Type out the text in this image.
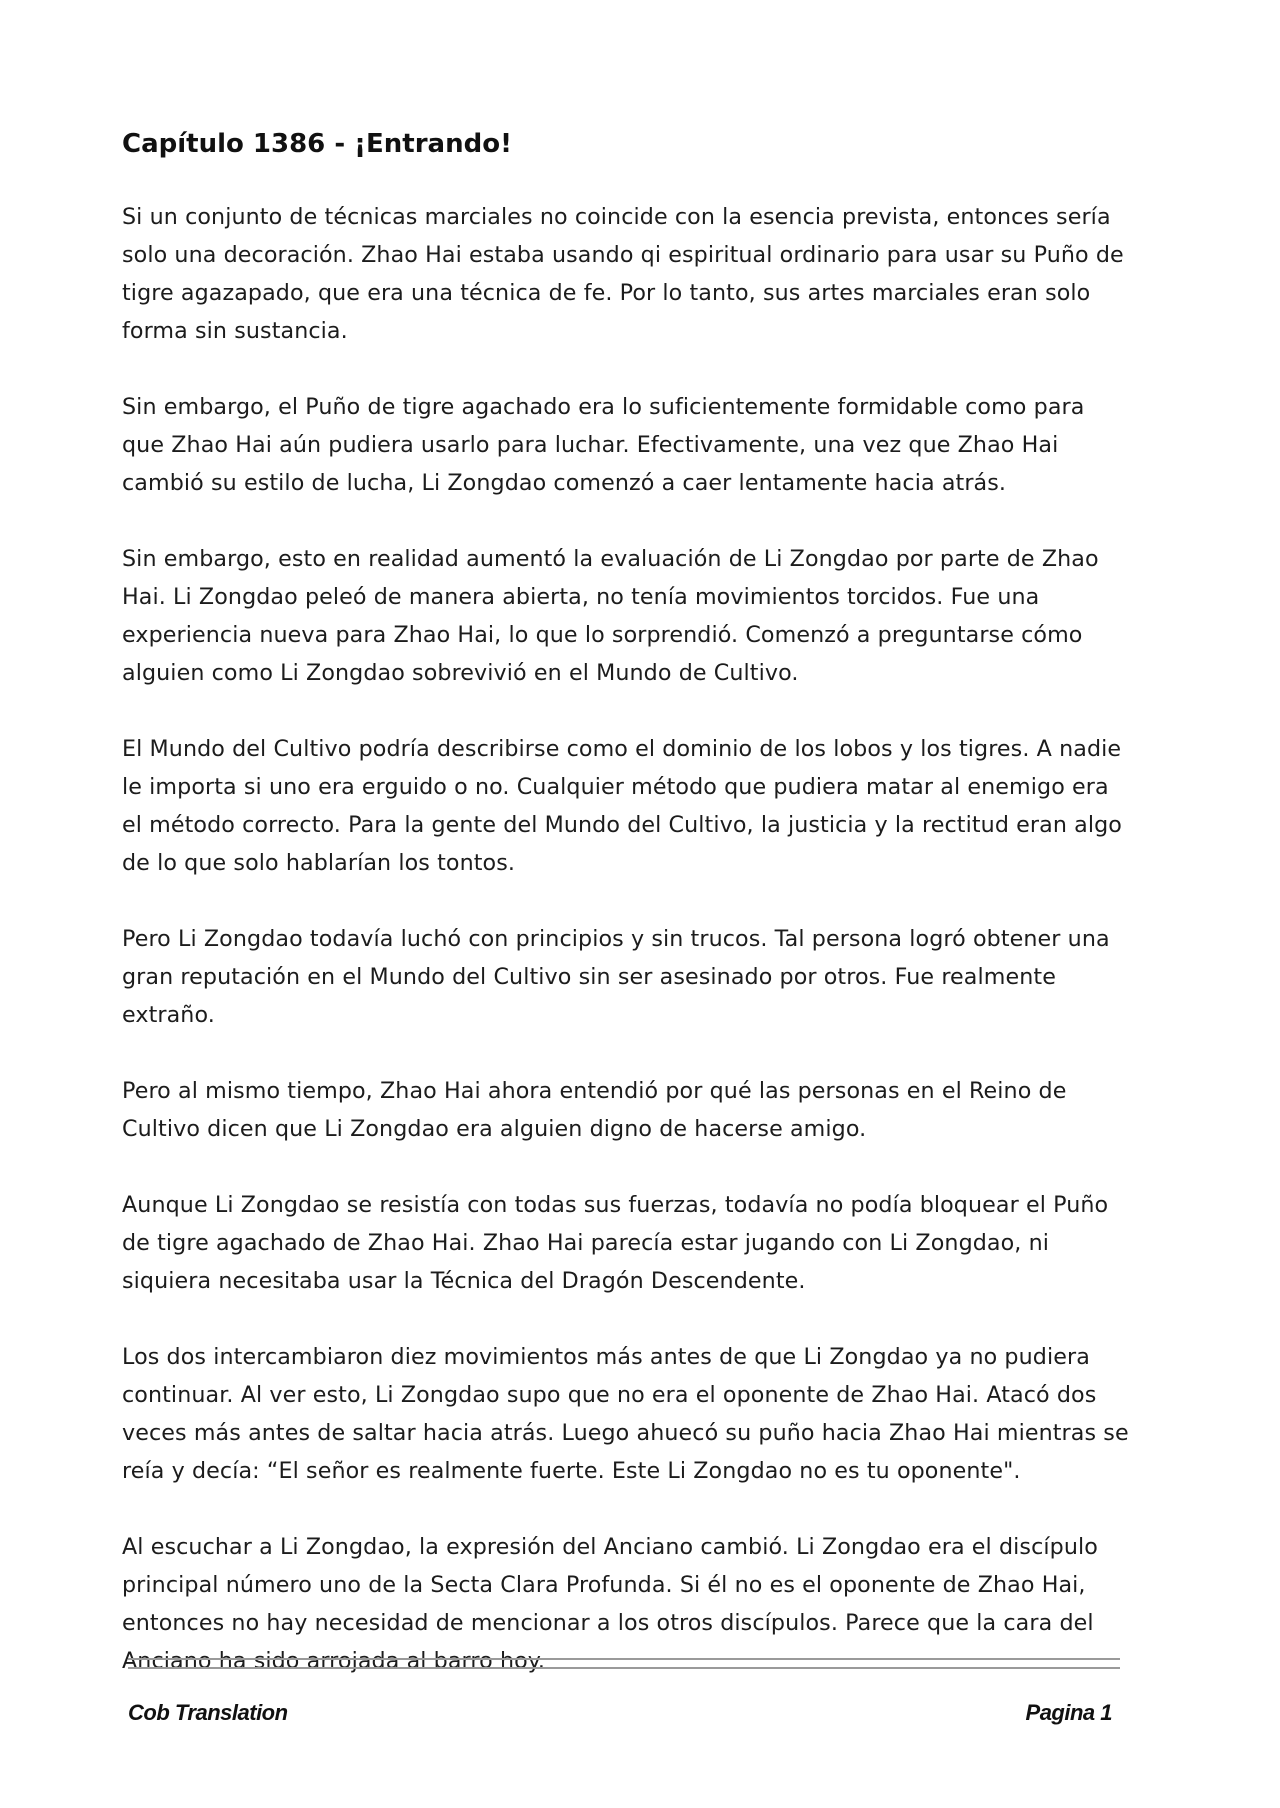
Capítulo 1386 - ¡Entrando!

Si un conjunto de técnicas marciales no coincide con la esencia prevista, entonces sería solo una decoración. Zhao Hai estaba usando qi espiritual ordinario para usar su Puño de tigre agazapado, que era una técnica de fe. Por lo tanto, sus artes marciales eran solo forma sin sustancia.

Sin embargo, el Puño de tigre agachado era lo suficientemente formidable como para que Zhao Hai aún pudiera usarlo para luchar. Efectivamente, una vez que Zhao Hai cambió su estilo de lucha, Li Zongdao comenzó a caer lentamente hacia atrás.

Sin embargo, esto en realidad aumentó la evaluación de Li Zongdao por parte de Zhao Hai. Li Zongdao peleó de manera abierta, no tenía movimientos torcidos. Fue una experiencia nueva para Zhao Hai, lo que lo sorprendió. Comenzó a preguntarse cómo alguien como Li Zongdao sobrevivió en el Mundo de Cultivo.

El Mundo del Cultivo podría describirse como el dominio de los lobos y los tigres. A nadie le importa si uno era erguido o no. Cualquier método que pudiera matar al enemigo era el método correcto. Para la gente del Mundo del Cultivo, la justicia y la rectitud eran algo de lo que solo hablarían los tontos.

Pero Li Zongdao todavía luchó con principios y sin trucos. Tal persona logró obtener una gran reputación en el Mundo del Cultivo sin ser asesinado por otros. Fue realmente extraño.

Pero al mismo tiempo, Zhao Hai ahora entendió por qué las personas en el Reino de Cultivo dicen que Li Zongdao era alguien digno de hacerse amigo.

Aunque Li Zongdao se resistía con todas sus fuerzas, todavía no podía bloquear el Puño de tigre agachado de Zhao Hai. Zhao Hai parecía estar jugando con Li Zongdao, ni siquiera necesitaba usar la Técnica del Dragón Descendente.

Los dos intercambiaron diez movimientos más antes de que Li Zongdao ya no pudiera continuar. Al ver esto, Li Zongdao supo que no era el oponente de Zhao Hai. Atacó dos veces más antes de saltar hacia atrás. Luego ahuecó su puño hacia Zhao Hai mientras se reía y decía: “El señor es realmente fuerte. Este Li Zongdao no es tu oponente".

Al escuchar a Li Zongdao, la expresión del Anciano cambió. Li Zongdao era el discípulo principal número uno de la Secta Clara Profunda. Si él no es el oponente de Zhao Hai, entonces no hay necesidad de mencionar a los otros discípulos. Parece que la cara del Anciano ha sido arrojada al barro hoy.

Cob Translation	Pagina 1
